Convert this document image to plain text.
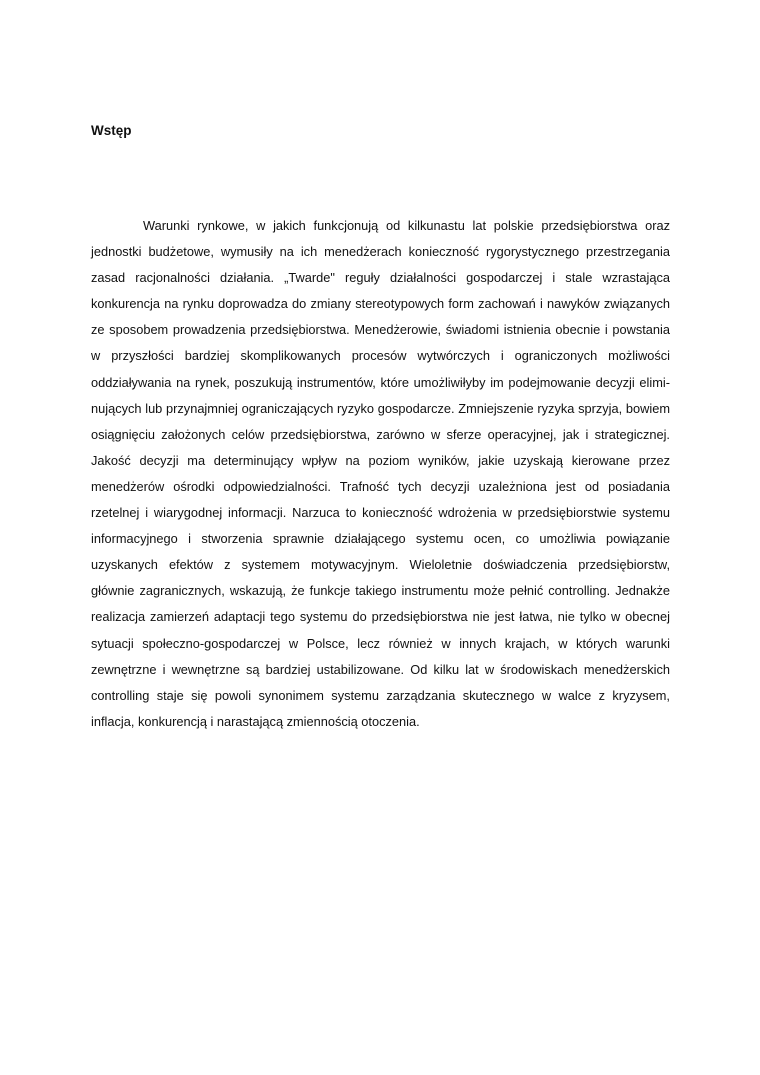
Wstęp
Warunki rynkowe, w jakich funkcjonują od kilkunastu lat polskie przedsiębiorstwa oraz
jednostki budżetowe, wymusiły na ich menedżerach konieczność rygorystycznego przestrzegania
zasad racjonalności działania. „Twarde" reguły działalności gospodarczej i stale wzrastająca
konkurencja na rynku doprowadza do zmiany stereotypowych form zachowań i nawyków związanych
ze sposobem prowadzenia przedsiębiorstwa. Menedżerowie, świadomi istnienia obecnie i powstania
w przyszłości bardziej skomplikowanych procesów wytwórczych i ograniczonych możliwości
oddziaływania na rynek, poszukują instrumentów, które umożliwiłyby im podejmowanie decyzji elimi-
nujących lub przynajmniej ograniczających ryzyko gospodarcze. Zmniejszenie ryzyka sprzyja, bowiem
osiągnięciu założonych celów przedsiębiorstwa, zarówno w sferze operacyjnej, jak i strategicznej.
Jakość decyzji ma determinujący wpływ na poziom wyników, jakie uzyskają kierowane przez
menedżerów ośrodki odpowiedzialności. Trafność tych decyzji uzależniona jest od posiadania
rzetelnej i wiarygodnej informacji. Narzuca to konieczność wdrożenia w przedsiębiorstwie systemu
informacyjnego i stworzenia sprawnie działającego systemu ocen, co umożliwia powiązanie
uzyskanych efektów z systemem motywacyjnym. Wieloletnie doświadczenia przedsiębiorstw,
głównie zagranicznych, wskazują, że funkcje takiego instrumentu może pełnić controlling. Jednakże
realizacja zamierzeń adaptacji tego systemu do przedsiębiorstwa nie jest łatwa, nie tylko w obecnej
sytuacji społeczno-gospodarczej w Polsce, lecz również w innych krajach, w których warunki
zewnętrzne i wewnętrzne są bardziej ustabilizowane. Od kilku lat w środowiskach menedżerskich
controlling staje się powoli synonimem systemu zarządzania skutecznego w walce z kryzysem,
inflacja, konkurencją i narastającą zmiennością otoczenia.
